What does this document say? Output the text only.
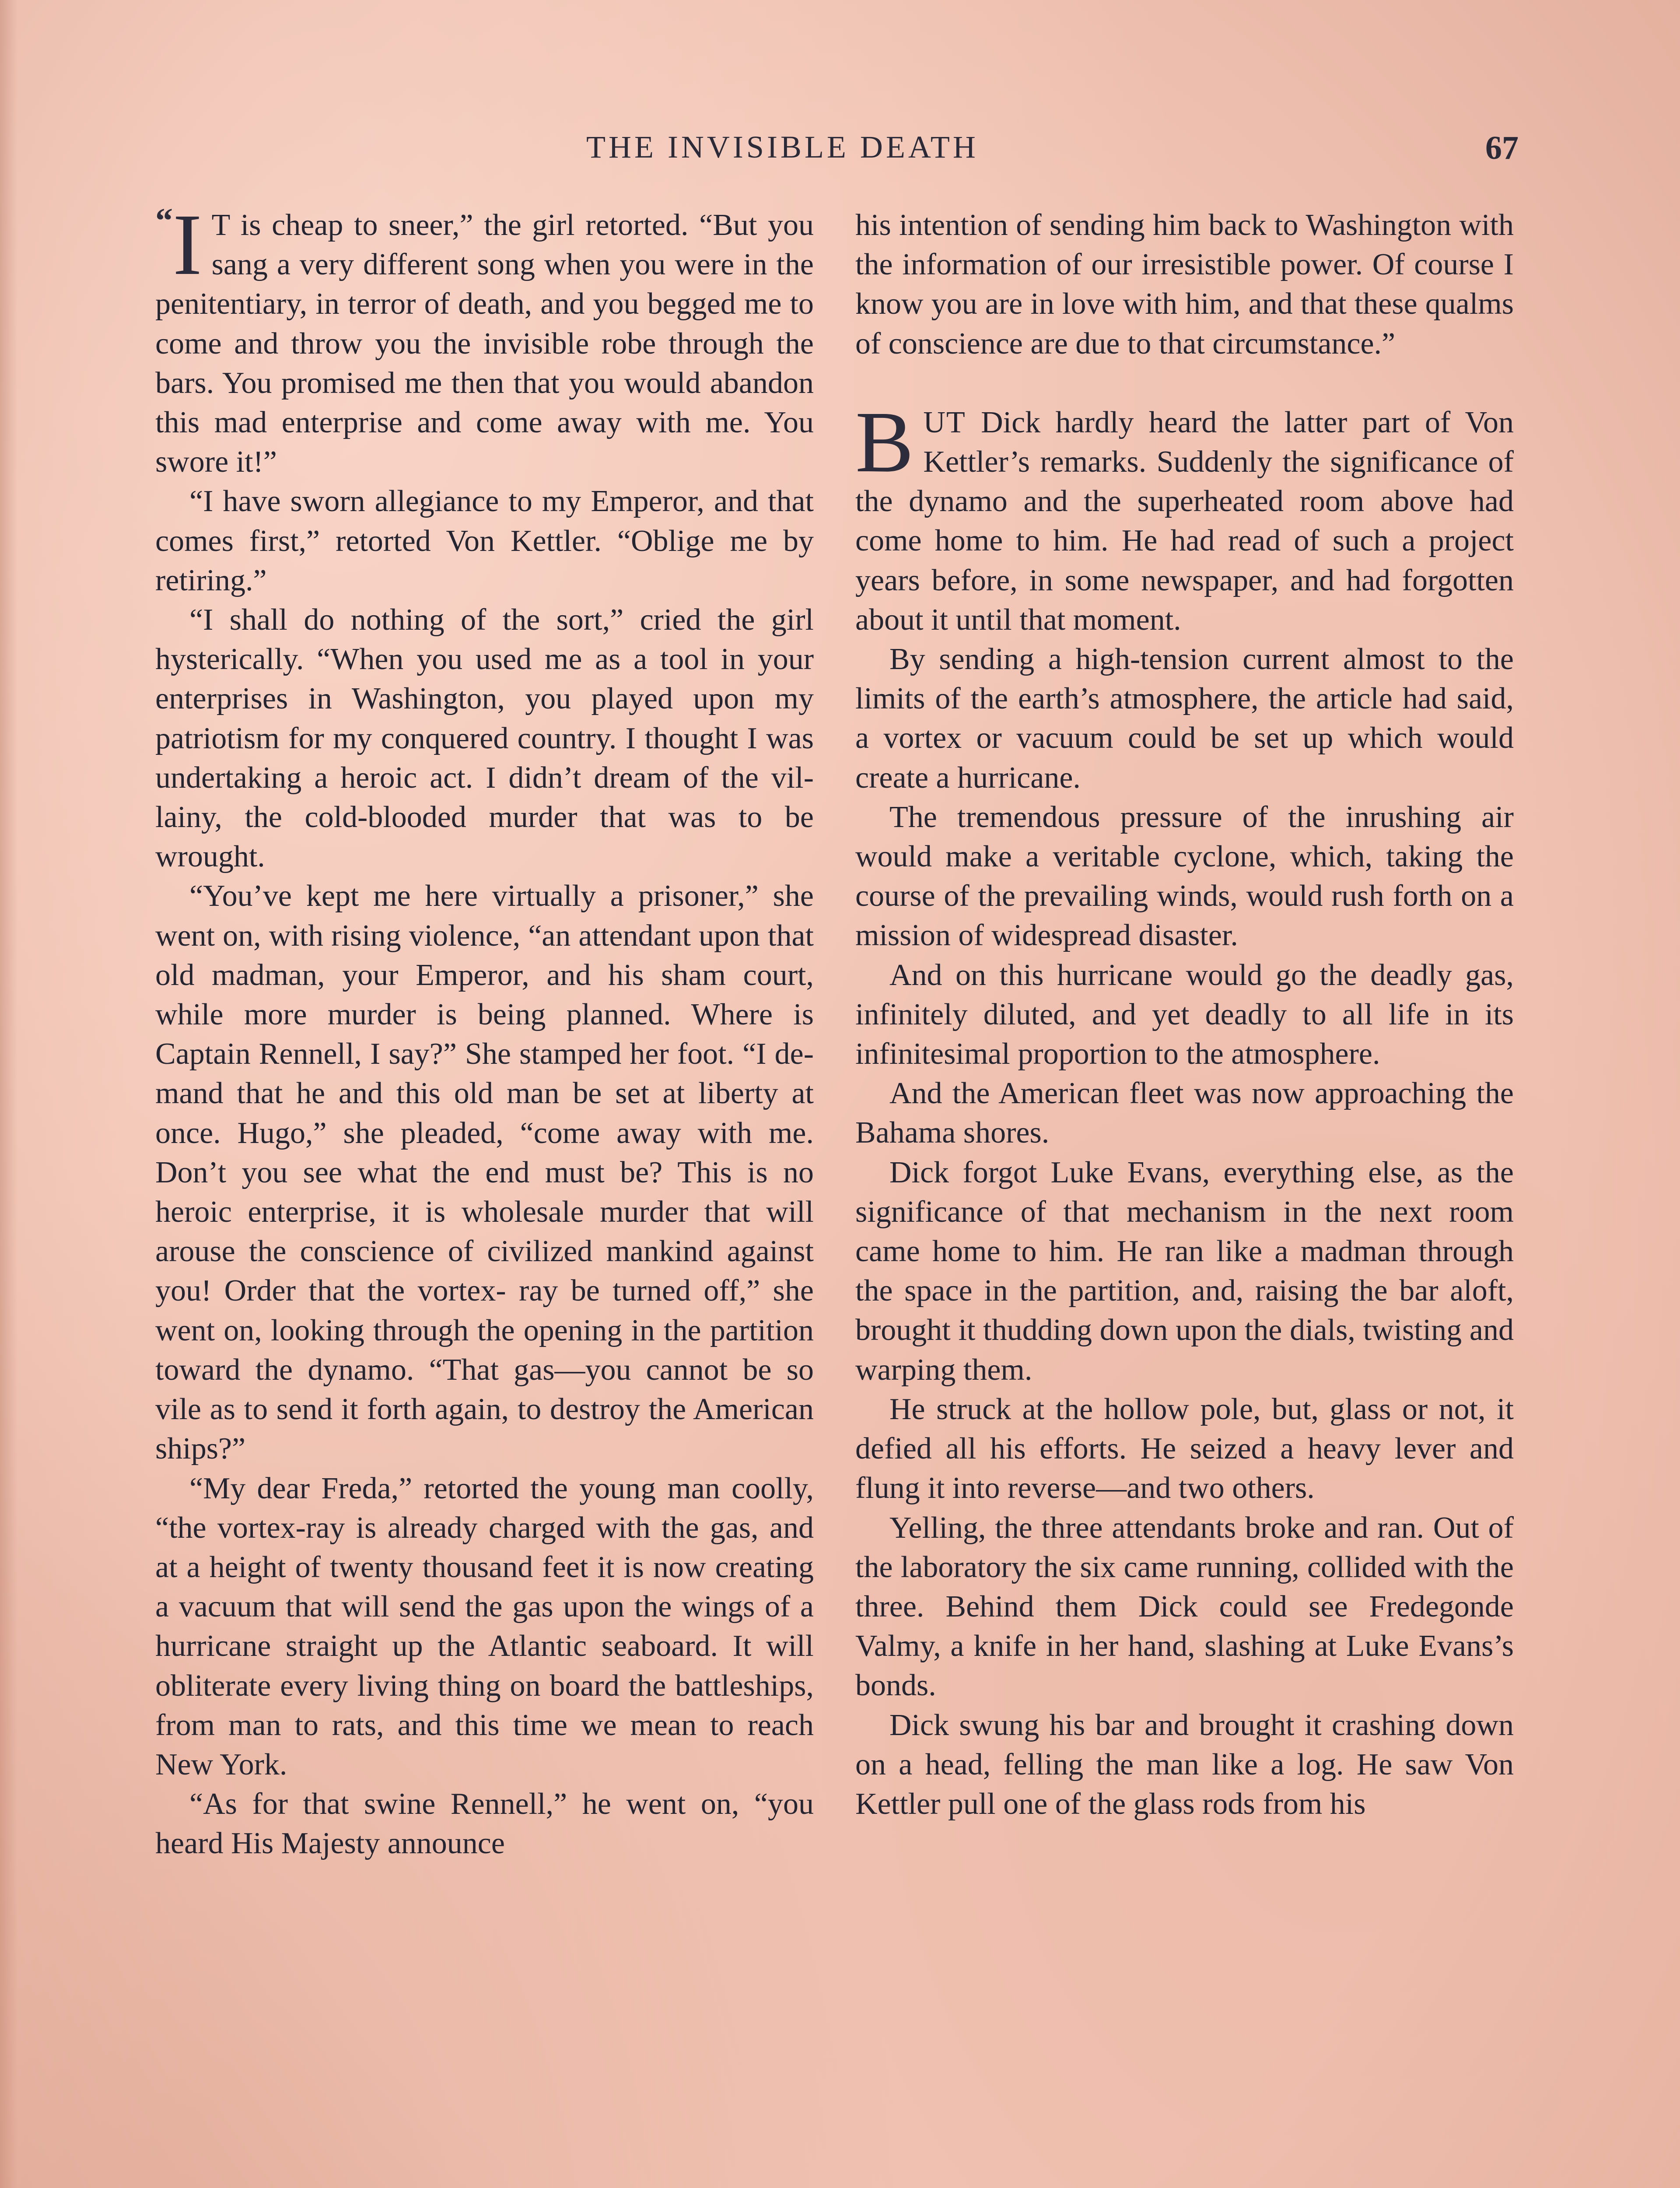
THE INVISIBLE DEATH	67

“ I T is cheap to sneer,” the girl retorted. “But you sang a very different song when you were in the penitentiary, in terror of death, and you begged me to come and throw you the invisible robe through the bars. You promised me then that you would abandon this mad enterprise and come away with me. You swore it!”

“I have sworn allegiance to my Emperor, and that comes first,” retorted Von Kettler. “Oblige me by retiring.”

“I shall do nothing of the sort,” cried the girl hysterically. “When you used me as a tool in your enterprises in Washington, you played upon my patriotism for my conquered country. I thought I was undertaking a heroic act. I didn’t dream of the villainy, the cold-blooded murder that was to be wrought.

“You’ve kept me here virtually a prisoner,” she went on, with rising violence, “an attendant upon that old madman, your Emperor, and his sham court, while more murder is being planned. Where is Captain Rennell, I say?” She stamped her foot. “I demand that he and this old man be set at liberty at once. Hugo,” she pleaded, “come away with me. Don’t you see what the end must be? This is no heroic enterprise, it is wholesale murder that will arouse the conscience of civilized mankind against you! Order that the vortex- ray be turned off,” she went on, looking through the opening in the partition toward the dynamo. “That gas—you cannot be so vile as to send it forth again, to destroy the American ships?”

“My dear Freda,” retorted the young man coolly, “the vortex-ray is already charged with the gas, and at a height of twenty thousand feet it is now creating a vacuum that will send the gas upon the wings of a hurricane straight up the Atlantic seaboard. It will obliterate every living thing on board the battleships, from man to rats, and this time we mean to reach New York.

“As for that swine Rennell,” he went on, “you heard His Majesty announce

his intention of sending him back to Washington with the information of our irresistible power. Of course I know you are in love with him, and that these qualms of conscience are due to that circumstance.”

BUT Dick hardly heard the latter part of Von Kettler’s remarks. Suddenly the significance of the dynamo and the superheated room above had come home to him. He had read of such a project years before, in some newspaper, and had forgotten about it until that moment.

By sending a high-tension current almost to the limits of the earth’s atmosphere, the article had said, a vortex or vacuum could be set up which would create a hurricane.

The tremendous pressure of the inrushing air would make a veritable cyclone, which, taking the course of the prevailing winds, would rush forth on a mission of widespread disaster.

And on this hurricane would go the deadly gas, infinitely diluted, and yet deadly to all life in its infinitesimal proportion to the atmosphere.

And the American fleet was now approaching the Bahama shores.

Dick forgot Luke Evans, everything else, as the significance of that mechanism in the next room came home to him. He ran like a madman through the space in the partition, and, raising the bar aloft, brought it thudding down upon the dials, twisting and warping them.

He struck at the hollow pole, but, glass or not, it defied all his efforts. He seized a heavy lever and flung it into reverse—and two others.

Yelling, the three attendants broke and ran. Out of the laboratory the six came running, collided with the three. Behind them Dick could see Fredegonde Valmy, a knife in her hand, slashing at Luke Evans’s bonds.

Dick swung his bar and brought it crashing down on a head, felling the man like a log. He saw Von Kettler pull one of the glass rods from his
